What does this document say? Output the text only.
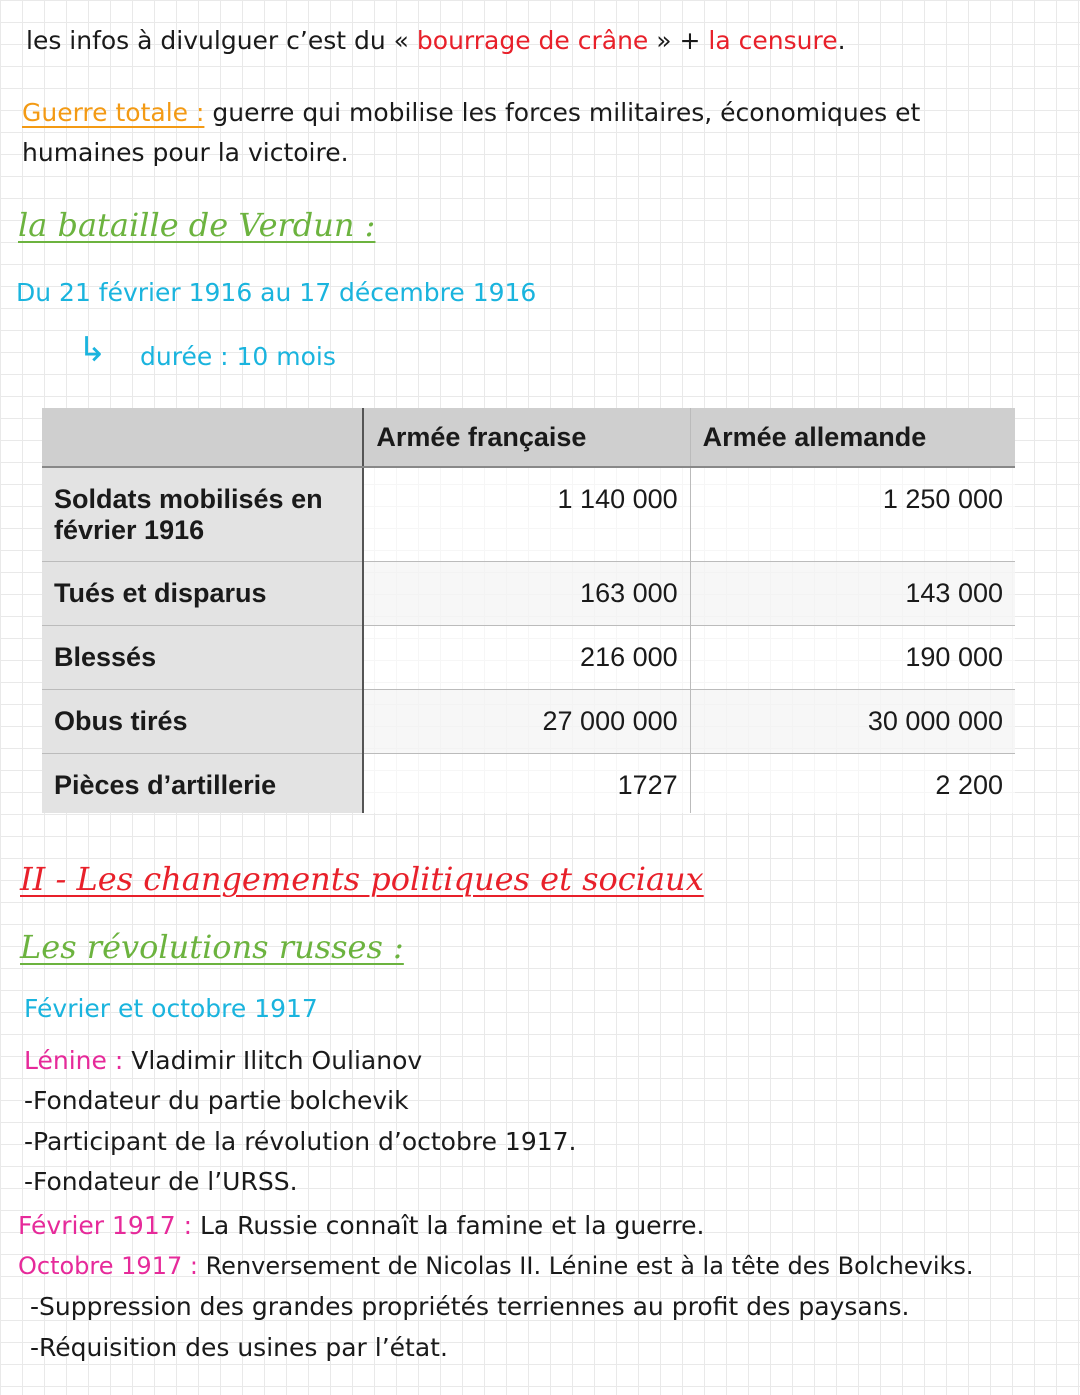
les infos à divulguer c’est du « bourrage de crâne » + la censure.
Guerre totale : guerre qui mobilise les forces militaires, économiques et
humaines pour la victoire.
la bataille de Verdun :
Du 21 février 1916 au 17 décembre 1916
↳ durée : 10 mois
	Armée française	Armée allemande
Soldats mobilisés en
février 1916	1 140 000	1 250 000
Tués et disparus	163 000	143 000
Blessés	216 000	190 000
Obus tirés	27 000 000	30 000 000
Pièces d’artillerie	1727	2 200
II - Les changements politiques et sociaux
Les révolutions russes :
Février et octobre 1917
Lénine : Vladimir Ilitch Oulianov
-Fondateur du partie bolchevik
-Participant de la révolution d’octobre 1917.
-Fondateur de l’URSS.
Février 1917 : La Russie connaît la famine et la guerre.
Octobre 1917 : Renversement de Nicolas II. Lénine est à la tête des Bolcheviks.
-Suppression des grandes propriétés terriennes au profit des paysans.
-Réquisition des usines par l’état.
